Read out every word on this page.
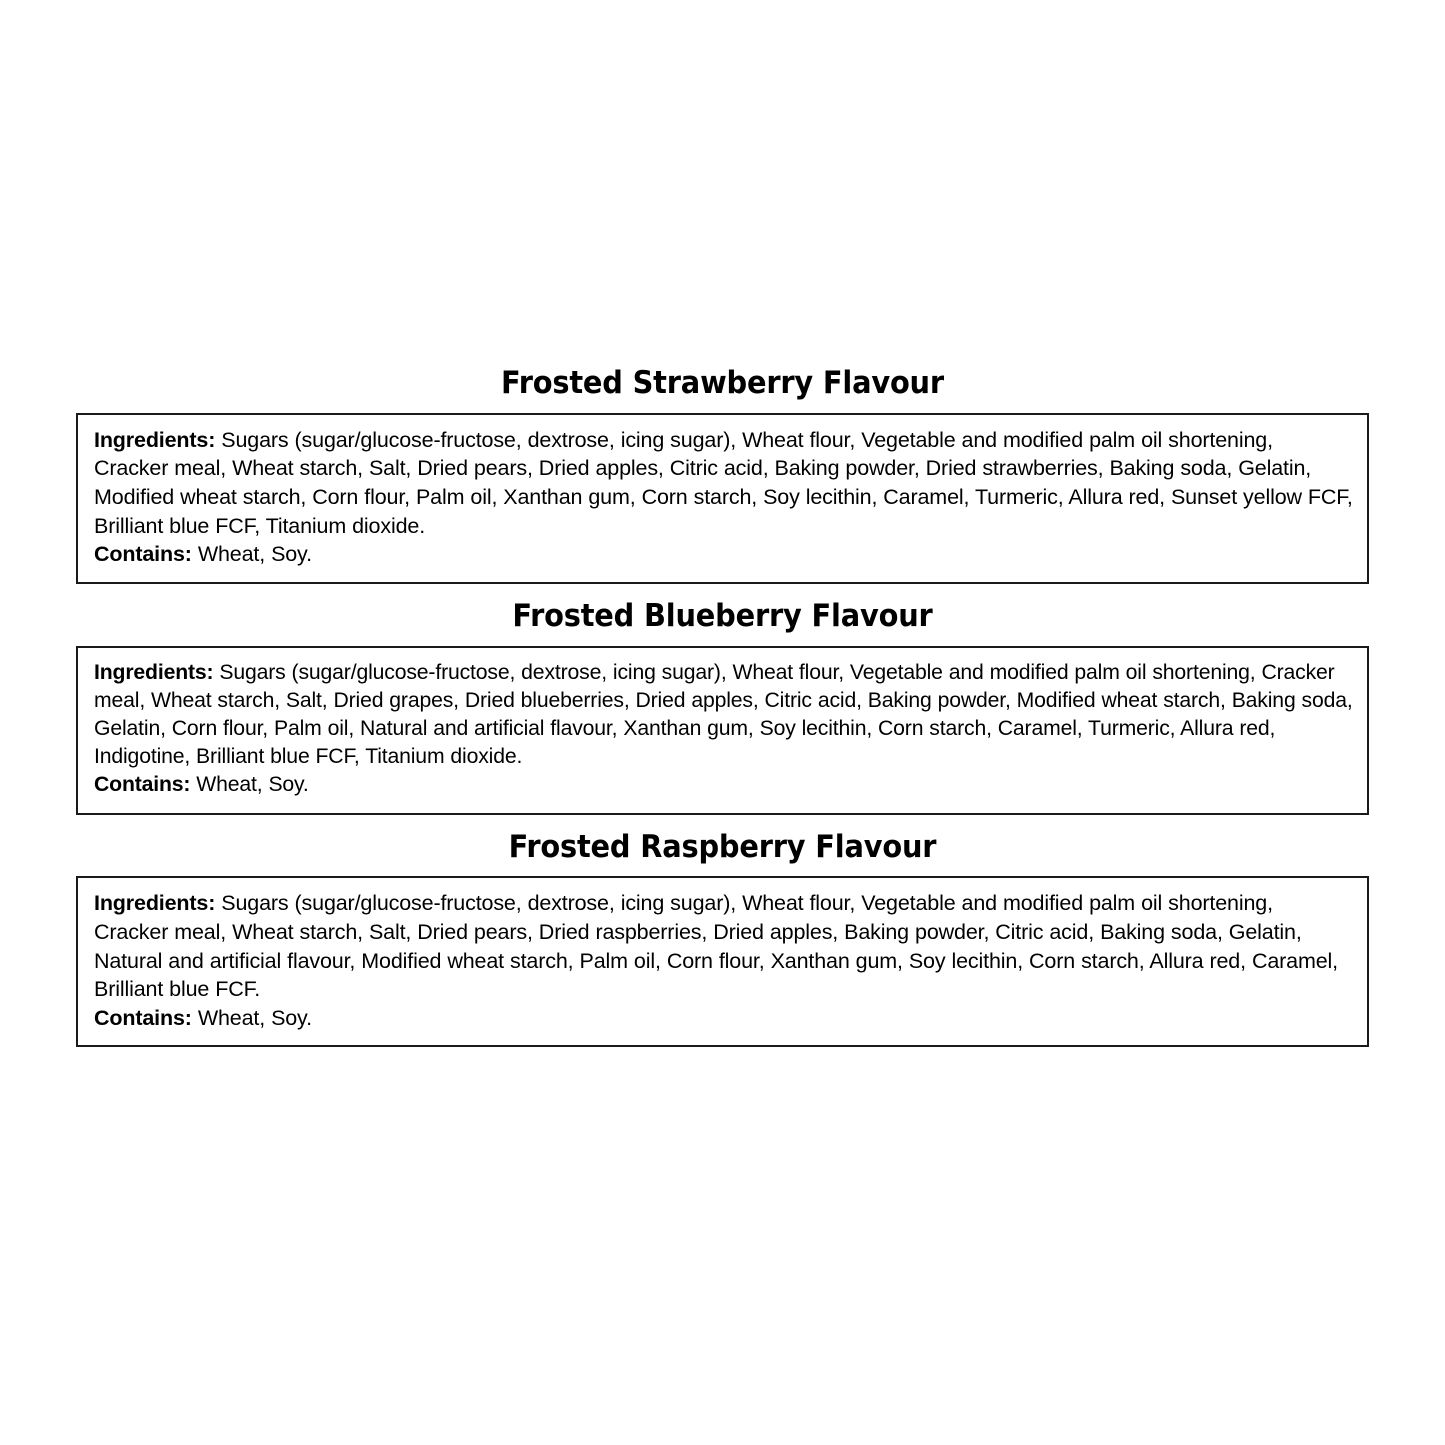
Frosted Strawberry Flavour
Ingredients: Sugars (sugar/glucose-fructose, dextrose, icing sugar), Wheat flour, Vegetable and modified palm oil shortening, Cracker meal, Wheat starch, Salt, Dried pears, Dried apples, Citric acid, Baking powder, Dried strawberries, Baking soda, Gelatin, Modified wheat starch, Corn flour, Palm oil, Xanthan gum, Corn starch, Soy lecithin, Caramel, Turmeric, Allura red, Sunset yellow FCF, Brilliant blue FCF, Titanium dioxide.
Contains: Wheat, Soy.
Frosted Blueberry Flavour
Ingredients: Sugars (sugar/glucose-fructose, dextrose, icing sugar), Wheat flour, Vegetable and modified palm oil shortening, Cracker meal, Wheat starch, Salt, Dried grapes, Dried blueberries, Dried apples, Citric acid, Baking powder, Modified wheat starch, Baking soda, Gelatin, Corn flour, Palm oil, Natural and artificial flavour, Xanthan gum, Soy lecithin, Corn starch, Caramel, Turmeric, Allura red, Indigotine, Brilliant blue FCF, Titanium dioxide.
Contains: Wheat, Soy.
Frosted Raspberry Flavour
Ingredients: Sugars (sugar/glucose-fructose, dextrose, icing sugar), Wheat flour, Vegetable and modified palm oil shortening, Cracker meal, Wheat starch, Salt, Dried pears, Dried raspberries, Dried apples, Baking powder, Citric acid, Baking soda, Gelatin, Natural and artificial flavour, Modified wheat starch, Palm oil, Corn flour, Xanthan gum, Soy lecithin, Corn starch, Allura red, Caramel, Brilliant blue FCF.
Contains: Wheat, Soy.
